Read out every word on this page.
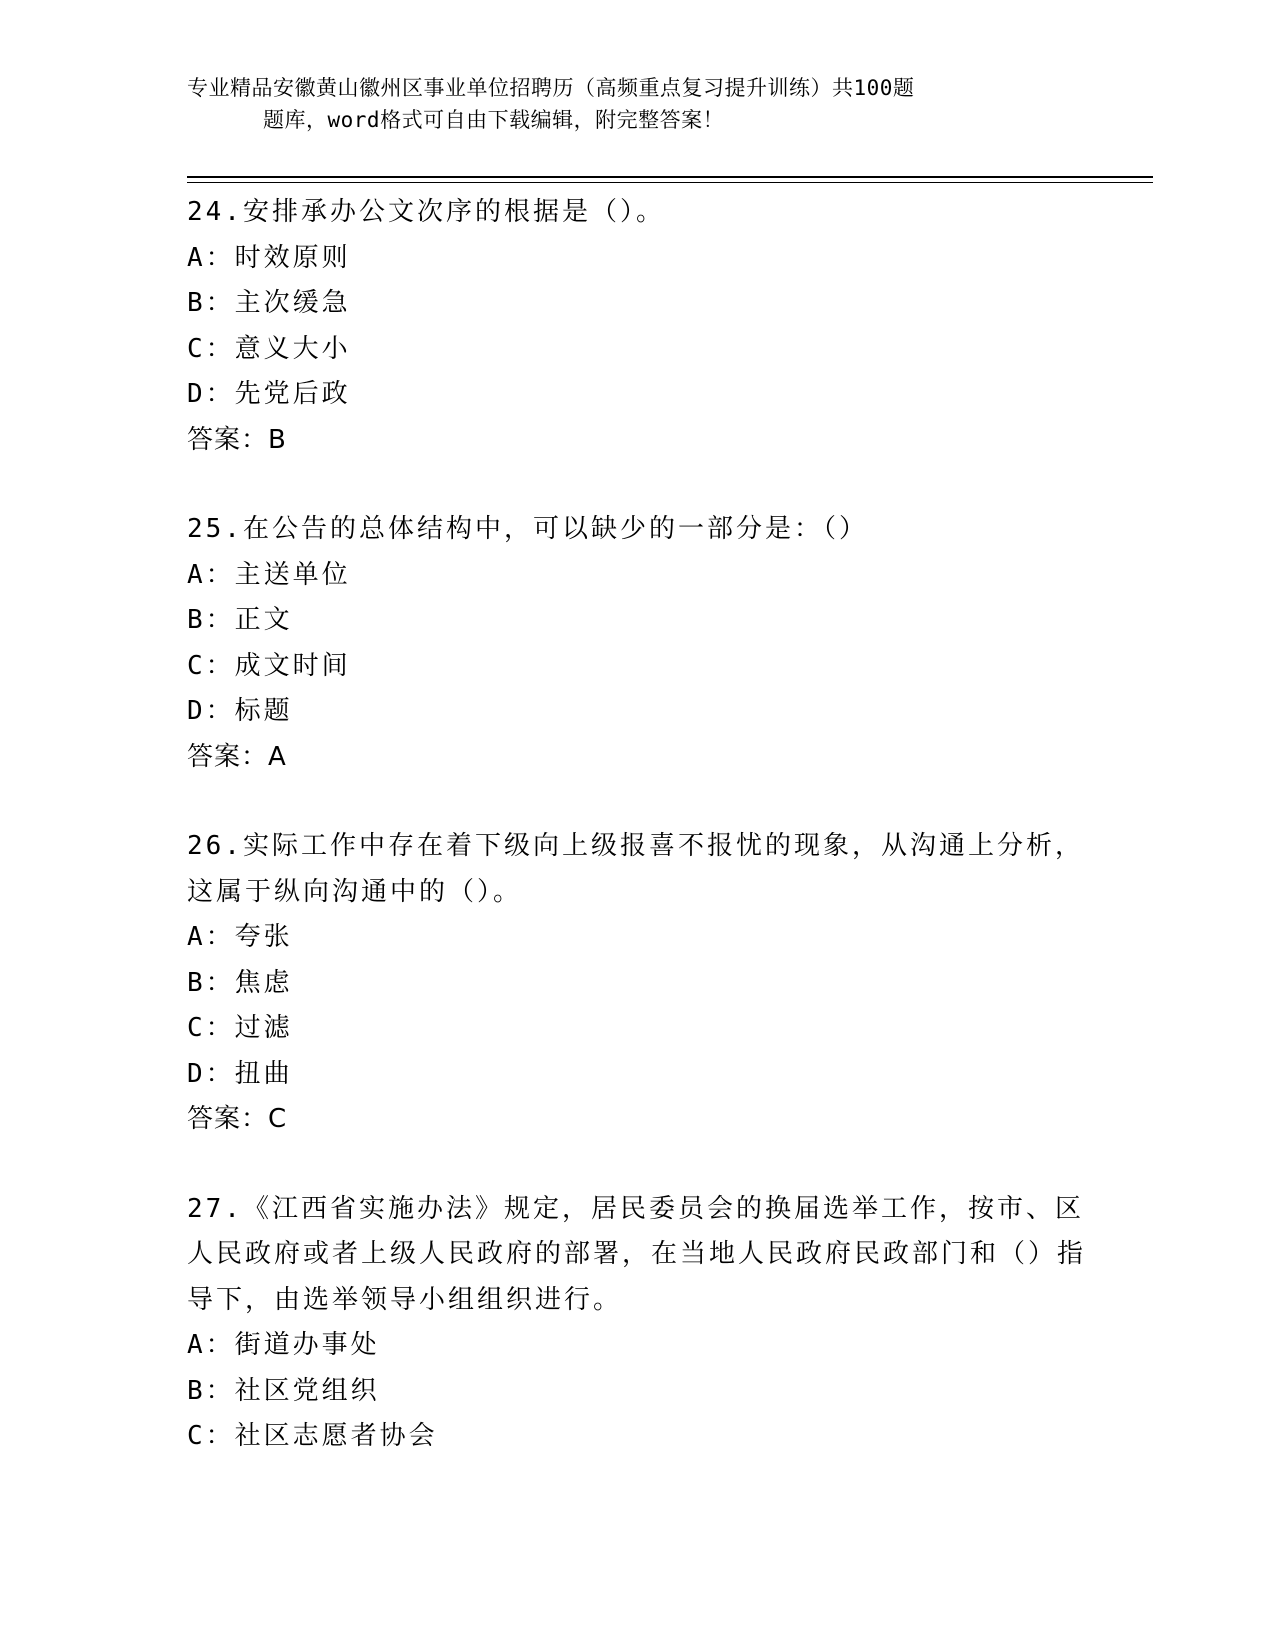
专业精品安徽黄山徽州区事业单位招聘历（高频重点复习提升训练）共100题
题库，word格式可自由下载编辑，附完整答案！
24.安排承办公文次序的根据是（）。
A：时效原则
B：主次缓急
C：意义大小
D：先党后政
答案：B
25.在公告的总体结构中，可以缺少的一部分是：（）
A：主送单位
B：正文
C：成文时间
D：标题
答案：A
26.实际工作中存在着下级向上级报喜不报忧的现象，从沟通上分析，这属于纵向沟通中的（）。
A：夸张
B：焦虑
C：过滤
D：扭曲
答案：C
27.《江西省实施办法》规定，居民委员会的换届选举工作，按市、区人民政府或者上级人民政府的部署，在当地人民政府民政部门和（）指导下，由选举领导小组组织进行。
A：街道办事处
B：社区党组织
C：社区志愿者协会
